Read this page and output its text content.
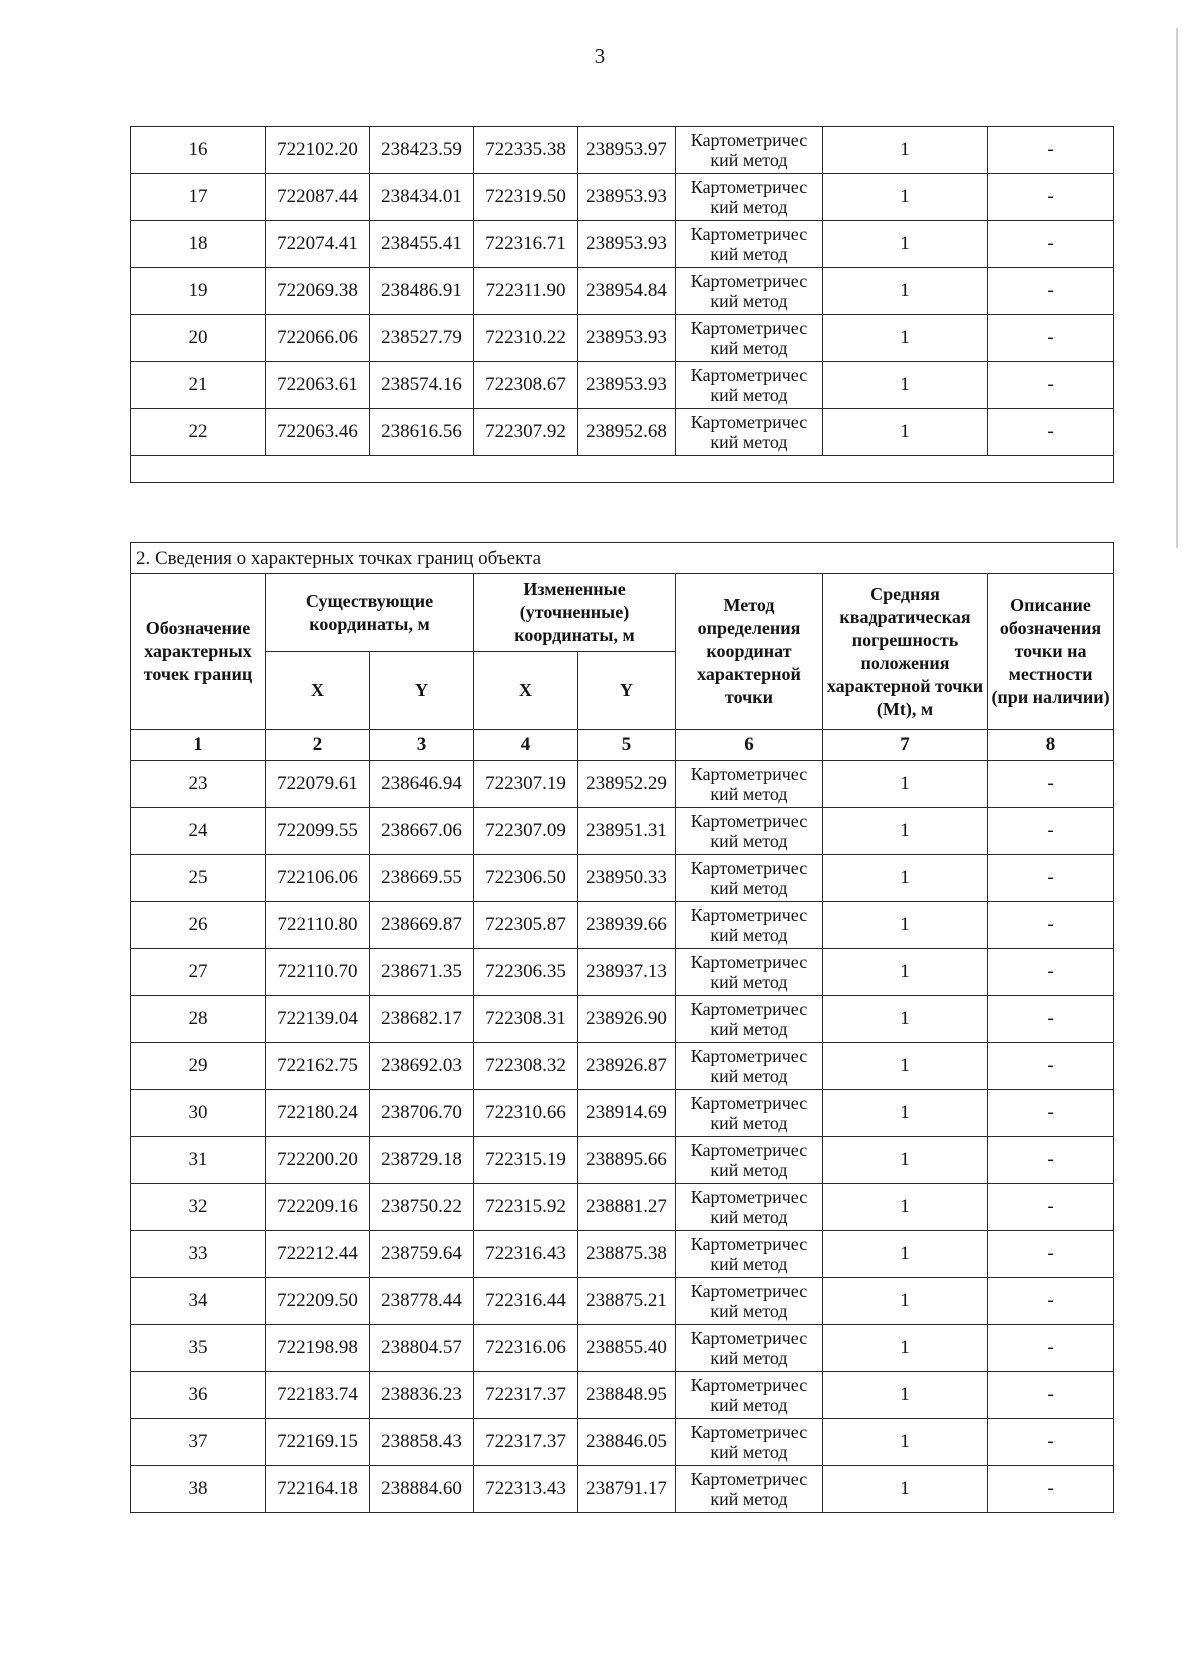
3
16	722102.20	238423.59	722335.38	238953.97	Картометричес
кий метод	1	-
17	722087.44	238434.01	722319.50	238953.93	Картометричес
кий метод	1	-
18	722074.41	238455.41	722316.71	238953.93	Картометричес
кий метод	1	-
19	722069.38	238486.91	722311.90	238954.84	Картометричес
кий метод	1	-
20	722066.06	238527.79	722310.22	238953.93	Картометричес
кий метод	1	-
21	722063.61	238574.16	722308.67	238953.93	Картометричес
кий метод	1	-
22	722063.46	238616.56	722307.92	238952.68	Картометричес
кий метод	1	-

2. Сведения о характерных точках границ объекта							
Обозначение характерных точек границ	Существующие координаты, м		Измененные (уточненные) координаты, м		Метод определения координат характерной точки	Средняя квадратическая погрешность положения характерной точки (Mt), м	Описание обозначения точки на местности (при наличии)
	X	Y	X	Y			
1	2	3	4	5	6	7	8
23	722079.61	238646.94	722307.19	238952.29	Картометричес
кий метод	1	-
24	722099.55	238667.06	722307.09	238951.31	Картометричес
кий метод	1	-
25	722106.06	238669.55	722306.50	238950.33	Картометричес
кий метод	1	-
26	722110.80	238669.87	722305.87	238939.66	Картометричес
кий метод	1	-
27	722110.70	238671.35	722306.35	238937.13	Картометричес
кий метод	1	-
28	722139.04	238682.17	722308.31	238926.90	Картометричес
кий метод	1	-
29	722162.75	238692.03	722308.32	238926.87	Картометричес
кий метод	1	-
30	722180.24	238706.70	722310.66	238914.69	Картометричес
кий метод	1	-
31	722200.20	238729.18	722315.19	238895.66	Картометричес
кий метод	1	-
32	722209.16	238750.22	722315.92	238881.27	Картометричес
кий метод	1	-
33	722212.44	238759.64	722316.43	238875.38	Картометричес
кий метод	1	-
34	722209.50	238778.44	722316.44	238875.21	Картометричес
кий метод	1	-
35	722198.98	238804.57	722316.06	238855.40	Картометричес
кий метод	1	-
36	722183.74	238836.23	722317.37	238848.95	Картометричес
кий метод	1	-
37	722169.15	238858.43	722317.37	238846.05	Картометричес
кий метод	1	-
38	722164.18	238884.60	722313.43	238791.17	Картометричес
кий метод	1	-
